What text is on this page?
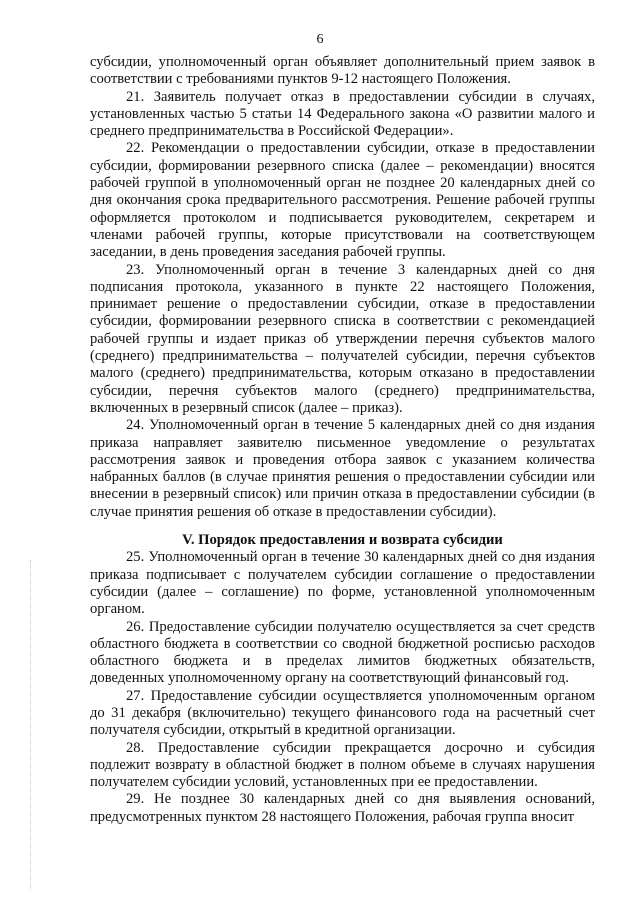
6

субсидии, уполномоченный орган объявляет дополнительный прием заявок в соответствии с требованиями пунктов 9-12 настоящего Положения.

21. Заявитель получает отказ в предоставлении субсидии в случаях, установленных частью 5 статьи 14 Федерального закона «О развитии малого и среднего предпринимательства в Российской Федерации».

22. Рекомендации о предоставлении субсидии, отказе в предоставлении субсидии, формировании резервного списка (далее – рекомендации) вносятся рабочей группой в уполномоченный орган не позднее 20 календарных дней со дня окончания срока предварительного рассмотрения. Решение рабочей группы оформляется протоколом и подписывается руководителем, секретарем и членами рабочей группы, которые присутствовали на соответствующем заседании, в день проведения заседания рабочей группы.

23. Уполномоченный орган в течение 3 календарных дней со дня подписания протокола, указанного в пункте 22 настоящего Положения, принимает решение о предоставлении субсидии, отказе в предоставлении субсидии, формировании резервного списка в соответствии с рекомендацией рабочей группы и издает приказ об утверждении перечня субъектов малого (среднего) предпринимательства – получателей субсидии, перечня субъектов малого (среднего) предпринимательства, которым отказано в предоставлении субсидии, перечня субъектов малого (среднего) предпринимательства, включенных в резервный список (далее – приказ).

24. Уполномоченный орган в течение 5 календарных дней со дня издания приказа направляет заявителю письменное уведомление о результатах рассмотрения заявок и проведения отбора заявок с указанием количества набранных баллов (в случае принятия решения о предоставлении субсидии или внесении в резервный список) или причин отказа в предоставлении субсидии (в случае принятия решения об отказе в предоставлении субсидии).

V. Порядок предоставления и возврата субсидии

25. Уполномоченный орган в течение 30 календарных дней со дня издания приказа подписывает с получателем субсидии соглашение о предоставлении субсидии (далее – соглашение) по форме, установленной уполномоченным органом.

26. Предоставление субсидии получателю осуществляется за счет средств областного бюджета в соответствии со сводной бюджетной росписью расходов областного бюджета и в пределах лимитов бюджетных обязательств, доведенных уполномоченному органу на соответствующий финансовый год.

27. Предоставление субсидии осуществляется уполномоченным органом до 31 декабря (включительно) текущего финансового года на расчетный счет получателя субсидии, открытый в кредитной организации.

28. Предоставление субсидии прекращается досрочно и субсидия подлежит возврату в областной бюджет в полном объеме в случаях нарушения получателем субсидии условий, установленных при ее предоставлении.

29. Не позднее 30 календарных дней со дня выявления оснований, предусмотренных пунктом 28 настоящего Положения, рабочая группа вносит
